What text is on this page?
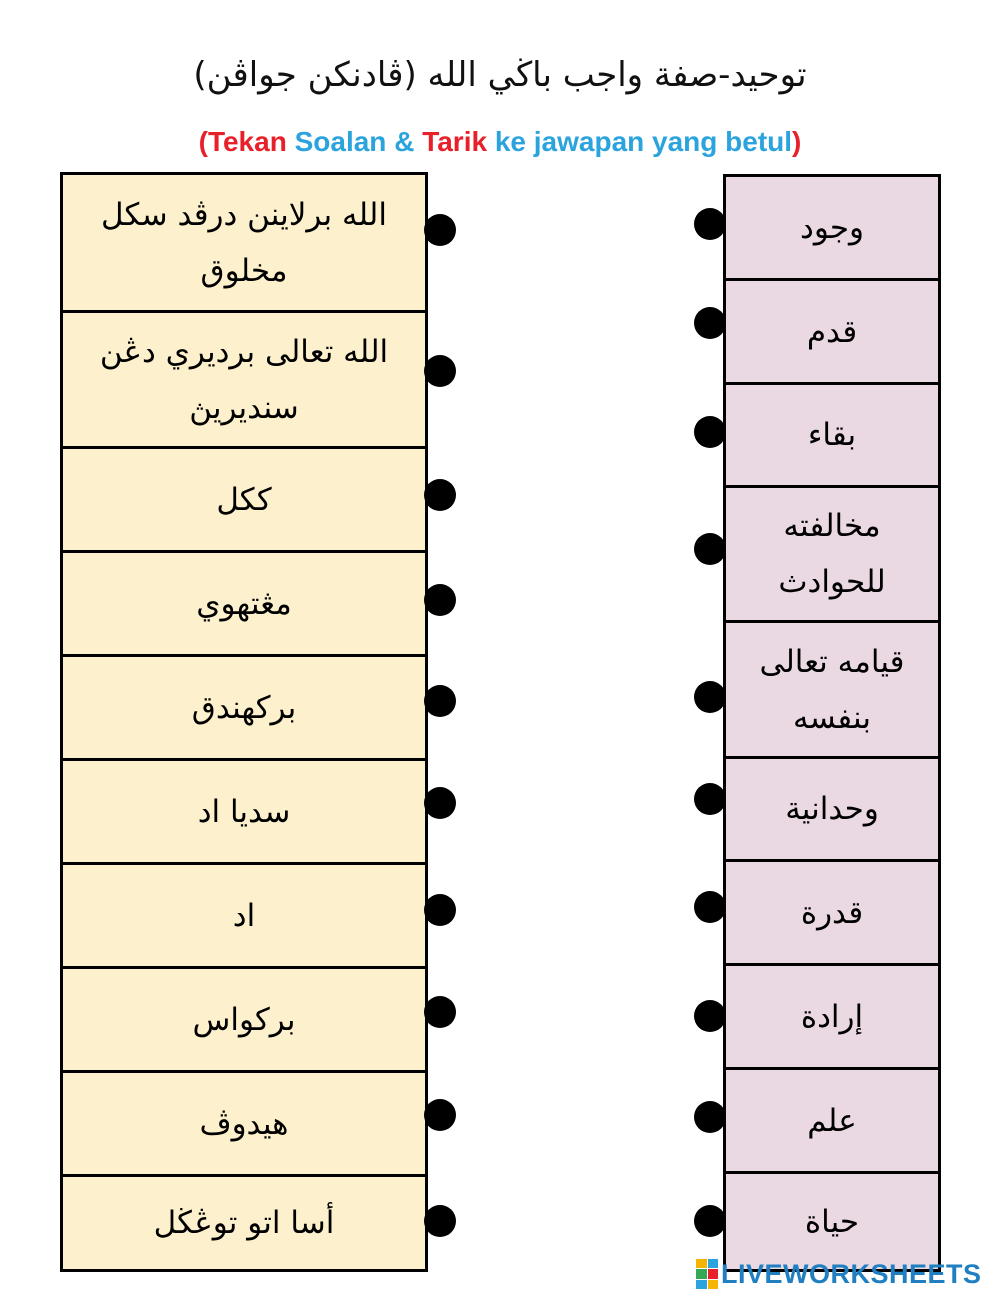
توحيد-صفة واجب باڬي الله (ڤادنكن جواڤن)
(Tekan Soalan & Tarik ke jawapan yang betul)
الله برلاينن درڤد سکل مخلوق
الله تعالى برديري دڠن سنديريڽ
ککل
مڠتهوي
برکهندق
سديا اد
اد
برکواس
هيدوڤ
أسا اتو توڠڬل
وجود
قدم
بقاء
مخالفته للحوادث
قيامه تعالى بنفسه
وحدانية
قدرة
إرادة
علم
حياة
LIVEWORKSHEETS
